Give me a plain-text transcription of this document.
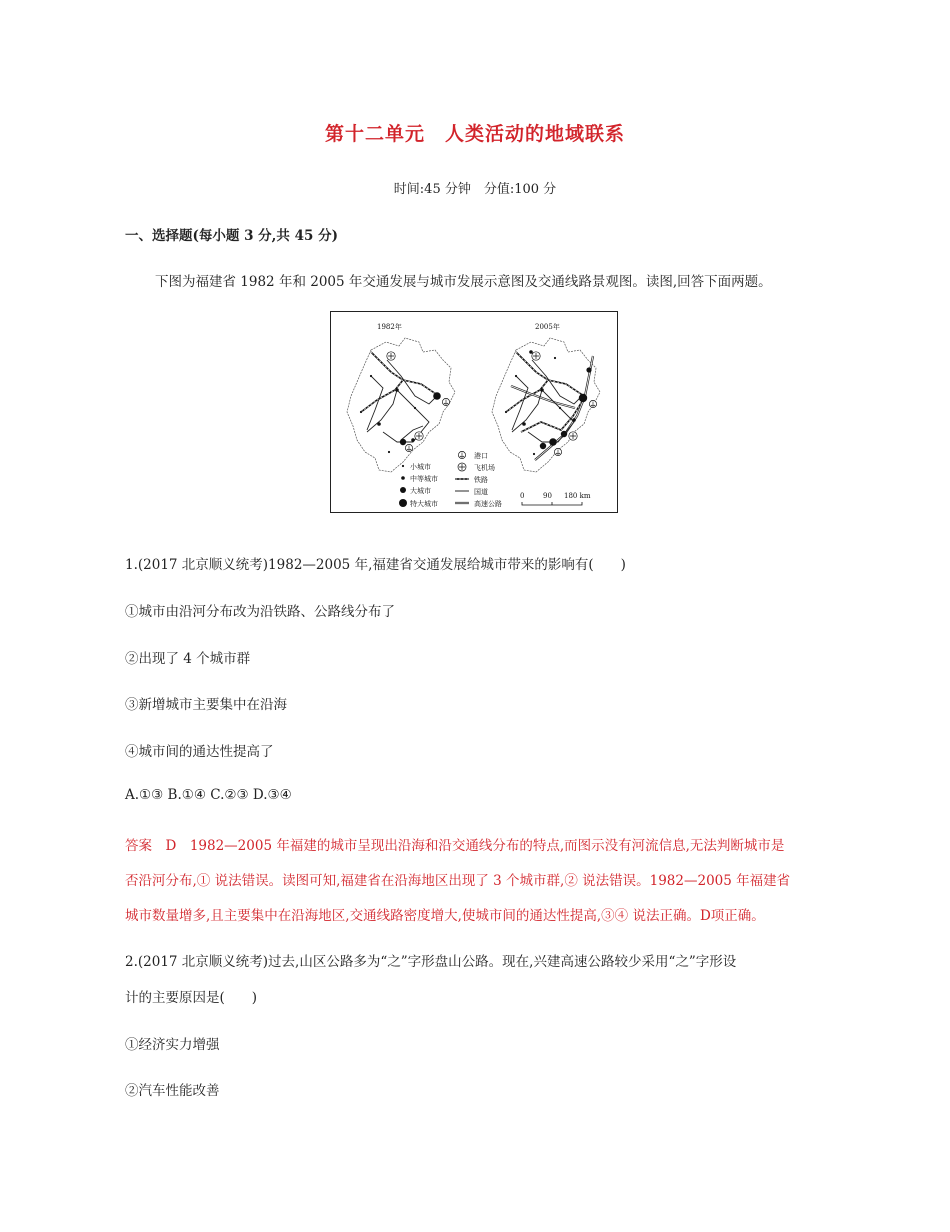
第十二单元　人类活动的地域联系
时间:45 分钟　分值:100 分
一、选择题(每小题 3 分,共 45 分)
下图为福建省 1982 年和 2005 年交通发展与城市发展示意图及交通线路景观图。读图,回答下面两题。
1982年	2005年
小城市
中等城市
大城市
特大城市
港口
飞机场
铁路
国道
高速公路
0	90 180 km
1.(2017 北京顺义统考)1982—2005 年,福建省交通发展给城市带来的影响有(　　)
①城市由沿河分布改为沿铁路、公路线分布了
②出现了 4 个城市群
③新增城市主要集中在沿海
④城市间的通达性提高了
A.①③ B.①④ C.②③ D.③④
答案　D　1982—2005 年福建的城市呈现出沿海和沿交通线分布的特点,而图示没有河流信息,无法判断城市是
否沿河分布,① 说法错误。读图可知,福建省在沿海地区出现了 3 个城市群,② 说法错误。1982—2005 年福建省
城市数量增多,且主要集中在沿海地区,交通线路密度增大,使城市间的通达性提高,③④ 说法正确。D项正确。
2.(2017 北京顺义统考)过去,山区公路多为“之”字形盘山公路。现在,兴建高速公路较少采用“之”字形设
计的主要原因是(　　)
①经济实力增强
②汽车性能改善
